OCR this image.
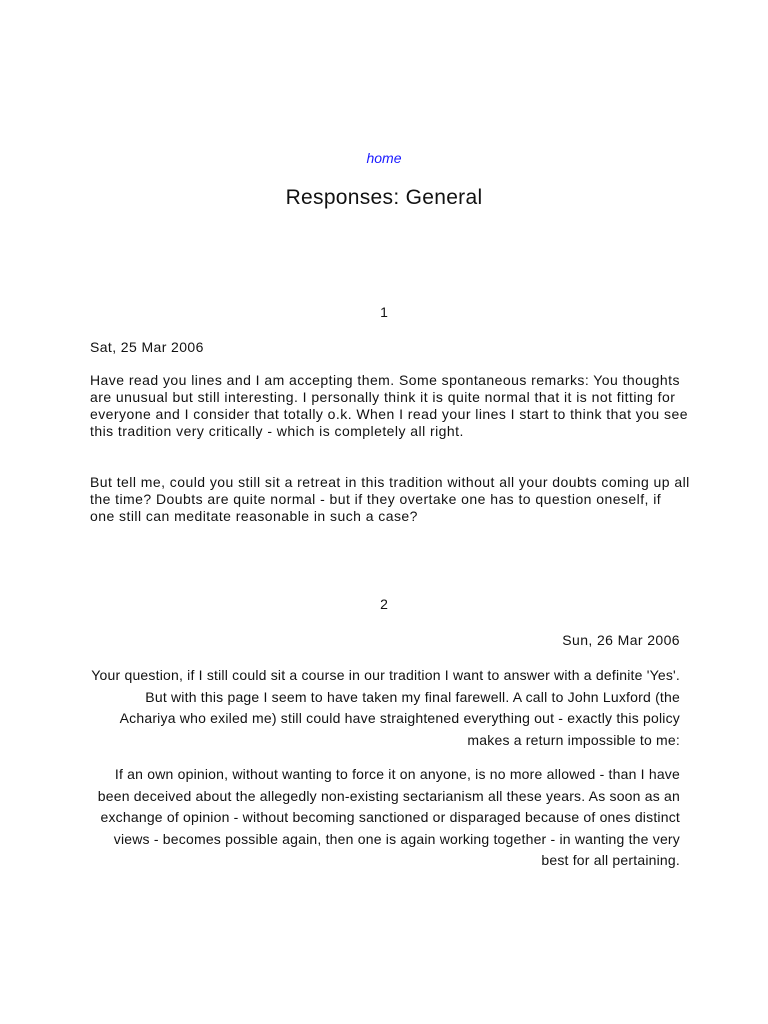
home
Responses: General
1
Sat, 25 Mar 2006

Have read you lines and I am accepting them. Some spontaneous remarks: You thoughts are unusual but still interesting. I personally think it is quite normal that it is not fitting for everyone and I consider that totally o.k. When I read your lines I start to think that you see this tradition very critically - which is completely all right.

But tell me, could you still sit a retreat in this tradition without all your doubts coming up all the time? Doubts are quite normal - but if they overtake one has to question oneself, if one still can meditate reasonable in such a case?

2
Sun, 26 Mar 2006

Your question, if I still could sit a course in our tradition I want to answer with a definite 'Yes'. But with this page I seem to have taken my final farewell. A call to John Luxford (the Achariya who exiled me) still could have straightened everything out - exactly this policy makes a return impossible to me:

If an own opinion, without wanting to force it on anyone, is no more allowed - than I have been deceived about the allegedly non-existing sectarianism all these years. As soon as an exchange of opinion - without becoming sanctioned or disparaged because of ones distinct views - becomes possible again, then one is again working together - in wanting the very best for all pertaining.
